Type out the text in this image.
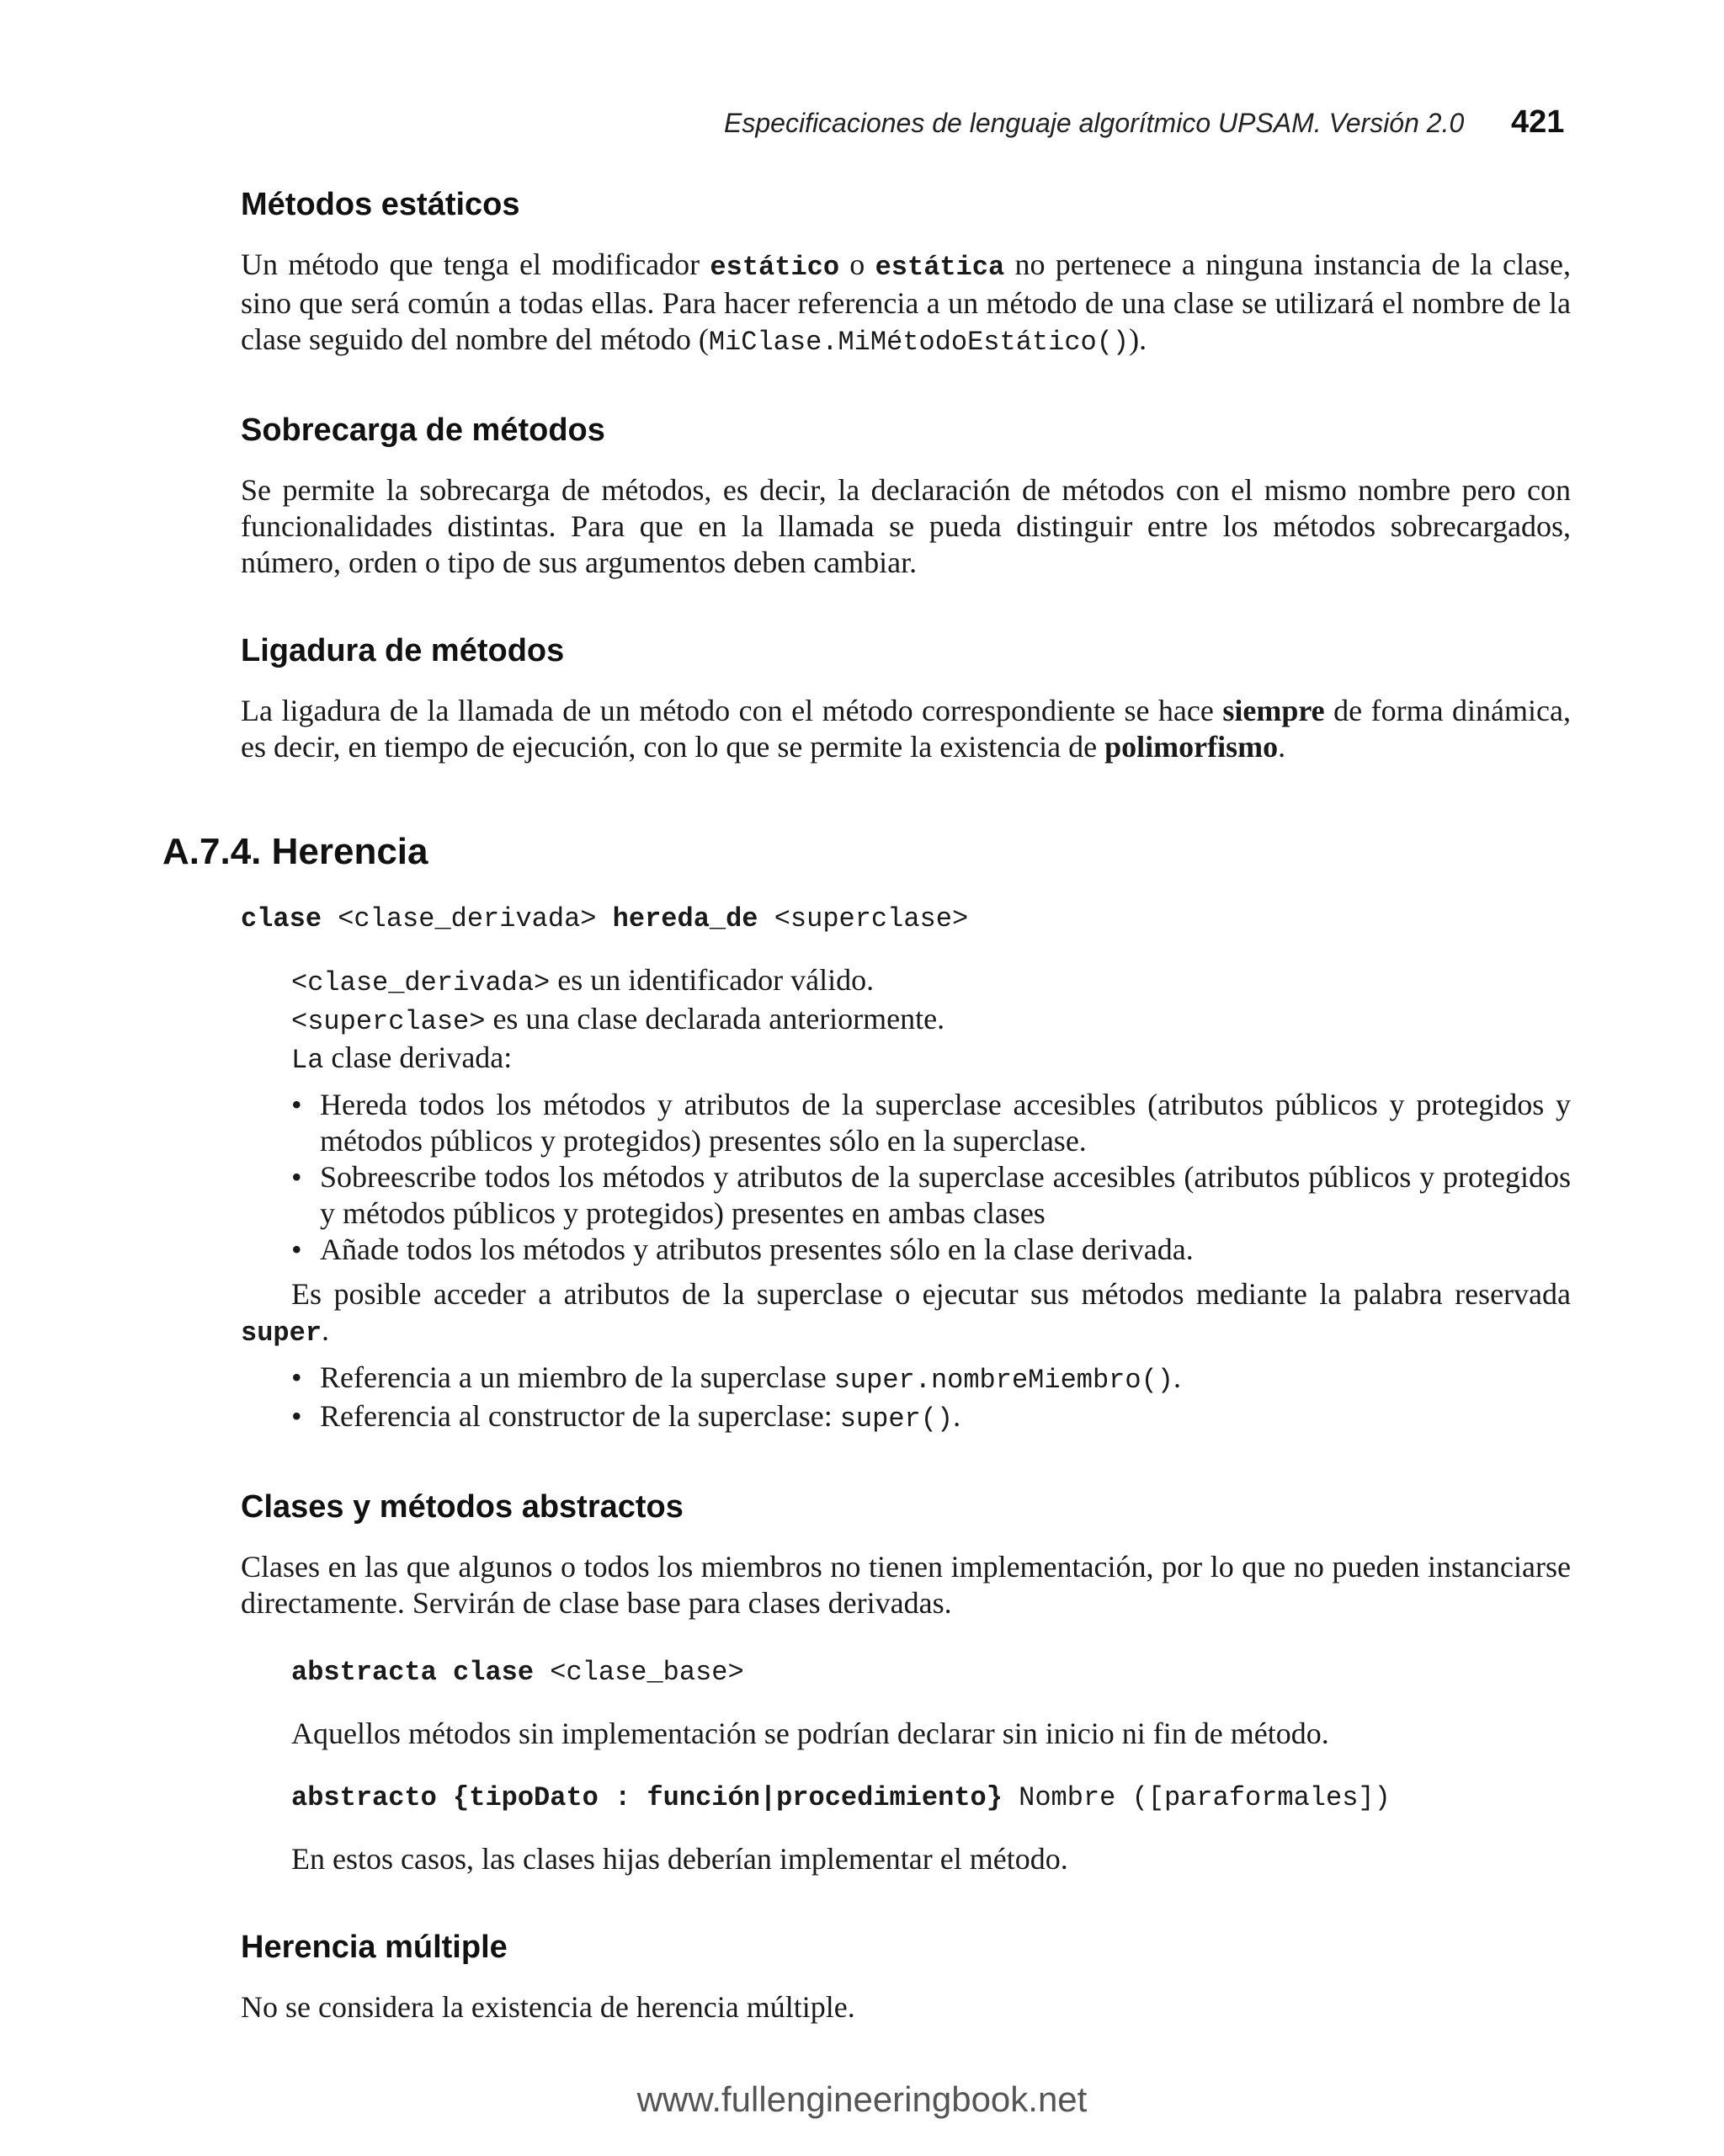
Especificaciones de lenguaje algorítmico UPSAM. Versión 2.0	421
Métodos estáticos

Un método que tenga el modificador estático o estática no pertenece a ninguna instancia de la clase, sino que será común a todas ellas. Para hacer referencia a un método de una clase se utilizará el nombre de la clase seguido del nombre del método (MiClase.MiMétodoEstático()).

Sobrecarga de métodos

Se permite la sobrecarga de métodos, es decir, la declaración de métodos con el mismo nombre pero con funcionalidades distintas. Para que en la llamada se pueda distinguir entre los métodos sobrecargados, número, orden o tipo de sus argumentos deben cambiar.

Ligadura de métodos

La ligadura de la llamada de un método con el método correspondiente se hace siempre de forma dinámica, es decir, en tiempo de ejecución, con lo que se permite la existencia de polimorfismo.

A.7.4. Herencia
clase <clase_derivada> hereda_de <superclase>

<clase_derivada> es un identificador válido.

<superclase> es una clase declarada anteriormente.

La clase derivada:

• Hereda todos los métodos y atributos de la superclase accesibles (atributos públicos y protegidos y métodos públicos y protegidos) presentes sólo en la superclase.
• Sobreescribe todos los métodos y atributos de la superclase accesibles (atributos públicos y protegidos y métodos públicos y protegidos) presentes en ambas clases
• Añade todos los métodos y atributos presentes sólo en la clase derivada.

Es posible acceder a atributos de la superclase o ejecutar sus métodos mediante la palabra reservada super.

• Referencia a un miembro de la superclase super.nombreMiembro().
• Referencia al constructor de la superclase: super().
Clases y métodos abstractos

Clases en las que algunos o todos los miembros no tienen implementación, por lo que no pueden instanciarse directamente. Servirán de clase base para clases derivadas.

abstracta clase <clase_base>

Aquellos métodos sin implementación se podrían declarar sin inicio ni fin de método.

abstracto {tipoDato : función|procedimiento} Nombre ([paraformales])

En estos casos, las clases hijas deberían implementar el método.

Herencia múltiple

No se considera la existencia de herencia múltiple.

www.fullengineeringbook.net
